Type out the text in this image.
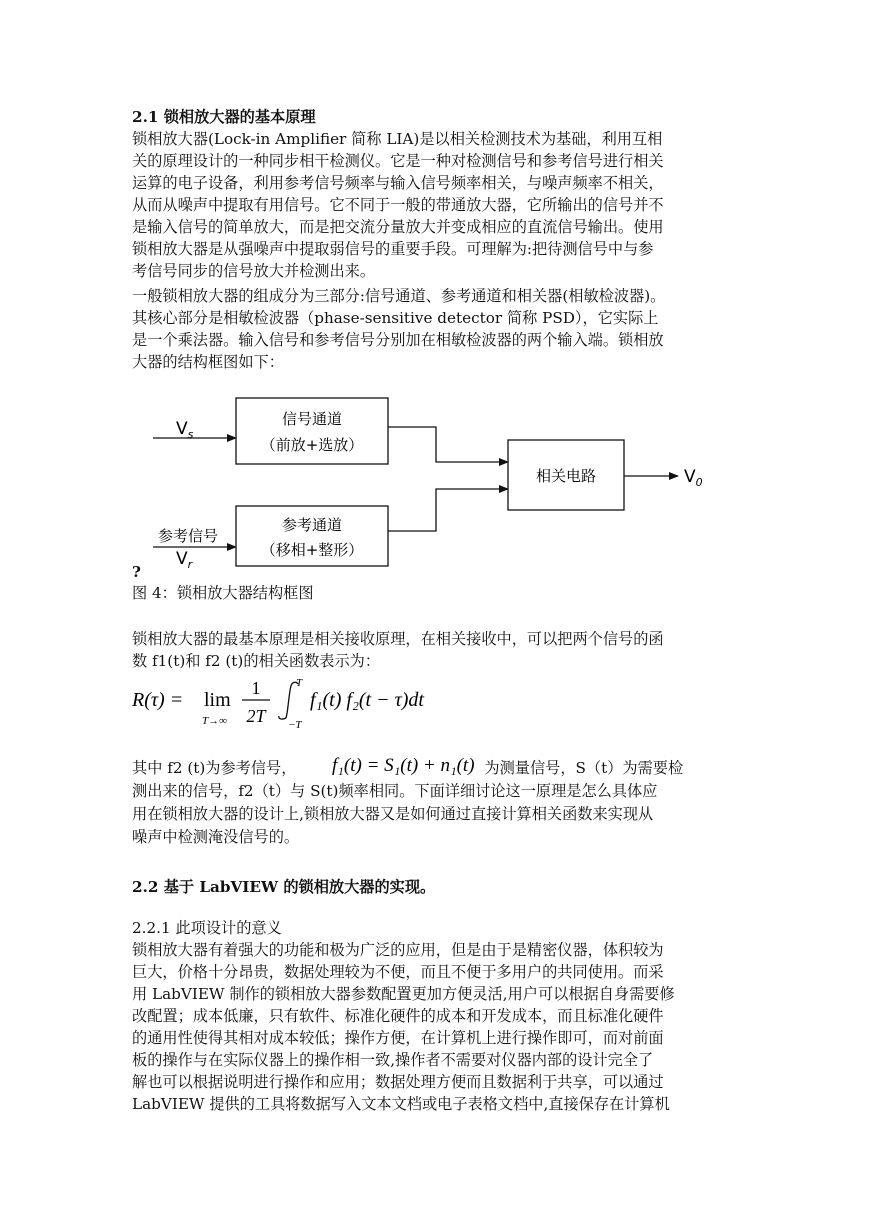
2.1 锁相放大器的基本原理

锁相放大器(Lock-in Amplifier 简称 LIA)是以相关检测技术为基础，利用互相

关的原理设计的一种同步相干检测仪。它是一种对检测信号和参考信号进行相关

运算的电子设备，利用参考信号频率与输入信号频率相关，与噪声频率不相关，

从而从噪声中提取有用信号。它不同于一般的带通放大器，它所输出的信号并不

是输入信号的简单放大，而是把交流分量放大并变成相应的直流信号输出。使用

锁相放大器是从强噪声中提取弱信号的重要手段。可理解为:把待测信号中与参

考信号同步的信号放大并检测出来。

一般锁相放大器的组成分为三部分:信号通道、参考通道和相关器(相敏检波器)。

其核心部分是相敏检波器（phase-sensitive detector 简称 PSD），它实际上

是一个乘法器。输入信号和参考信号分别加在相敏检波器的两个输入端。锁相放

大器的结构框图如下：

$V_s$
信号通道
（前放+选放）
参考信号
$V_r$
参考通道
（移相+整形）
相关电路	$V_0$

?

图 4：锁相放大器结构框图

锁相放大器的最基本原理是相关接收原理，在相关接收中，可以把两个信号的函

数 f1(t)和 f2 (t)的相关函数表示为：

R(τ) = lim
T→∞
1
2T
T
−T
f₁(t) f₂(t − τ)dt

其中 f2 (t)为参考信号，	为测量信号，S（t）为需要检

f₁(t) = S₁(t) + n₁(t)

测出来的信号，f2（t）与 S(t)频率相同。下面详细讨论这一原理是怎么具体应

用在锁相放大器的设计上,锁相放大器又是如何通过直接计算相关函数来实现从

噪声中检测淹没信号的。

2.2 基于 LabVIEW 的锁相放大器的实现。

2.2.1 此项设计的意义

锁相放大器有着强大的功能和极为广泛的应用，但是由于是精密仪器，体积较为

巨大，价格十分昂贵，数据处理较为不便，而且不便于多用户的共同使用。而采

用 LabVIEW 制作的锁相放大器参数配置更加方便灵活,用户可以根据自身需要修

改配置；成本低廉，只有软件、标准化硬件的成本和开发成本，而且标准化硬件

的通用性使得其相对成本较低；操作方便，在计算机上进行操作即可，而对前面

板的操作与在实际仪器上的操作相一致,操作者不需要对仪器内部的设计完全了

解也可以根据说明进行操作和应用；数据处理方便而且数据利于共享，可以通过

LabVIEW 提供的工具将数据写入文本文档或电子表格文档中,直接保存在计算机
